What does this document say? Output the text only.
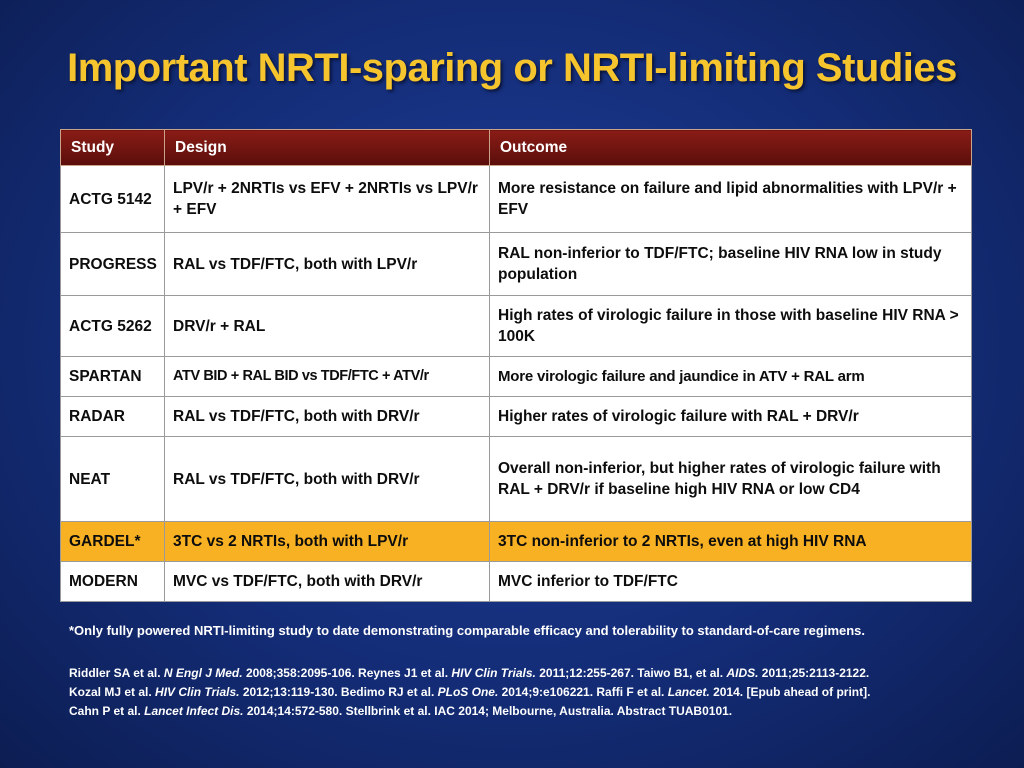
Important NRTI-sparing or NRTI-limiting Studies
Study	Design	Outcome
ACTG 5142	LPV/r + 2NRTIs vs EFV + 2NRTIs vs LPV/r + EFV	More resistance on failure and lipid abnormalities with LPV/r + EFV
PROGRESS	RAL vs TDF/FTC, both with LPV/r	RAL non-inferior to TDF/FTC; baseline HIV RNA low in study population
ACTG 5262	DRV/r + RAL	High rates of virologic failure in those with baseline HIV RNA > 100K
SPARTAN	ATV BID + RAL BID vs TDF/FTC + ATV/r	More virologic failure and jaundice in ATV + RAL arm
RADAR	RAL vs TDF/FTC, both with DRV/r	Higher rates of virologic failure with RAL + DRV/r
NEAT	RAL vs TDF/FTC, both with DRV/r	Overall non-inferior, but higher rates of virologic failure with RAL + DRV/r if baseline high HIV RNA or low CD4
GARDEL*	3TC vs 2 NRTIs, both with LPV/r	3TC non-inferior to 2 NRTIs, even at high HIV RNA
MODERN	MVC vs TDF/FTC, both with DRV/r	MVC inferior to TDF/FTC
*Only fully powered NRTI-limiting study to date demonstrating comparable efficacy and tolerability to standard-of-care regimens.
Riddler SA et al. N Engl J Med. 2008;358:2095-106. Reynes J1 et al. HIV Clin Trials. 2011;12:255-267. Taiwo B1, et al. AIDS. 2011;25:2113-2122.
Kozal MJ et al. HIV Clin Trials. 2012;13:119-130. Bedimo RJ et al. PLoS One. 2014;9:e106221. Raffi F et al. Lancet. 2014. [Epub ahead of print].
Cahn P et al. Lancet Infect Dis. 2014;14:572-580. Stellbrink et al. IAC 2014; Melbourne, Australia. Abstract TUAB0101.
